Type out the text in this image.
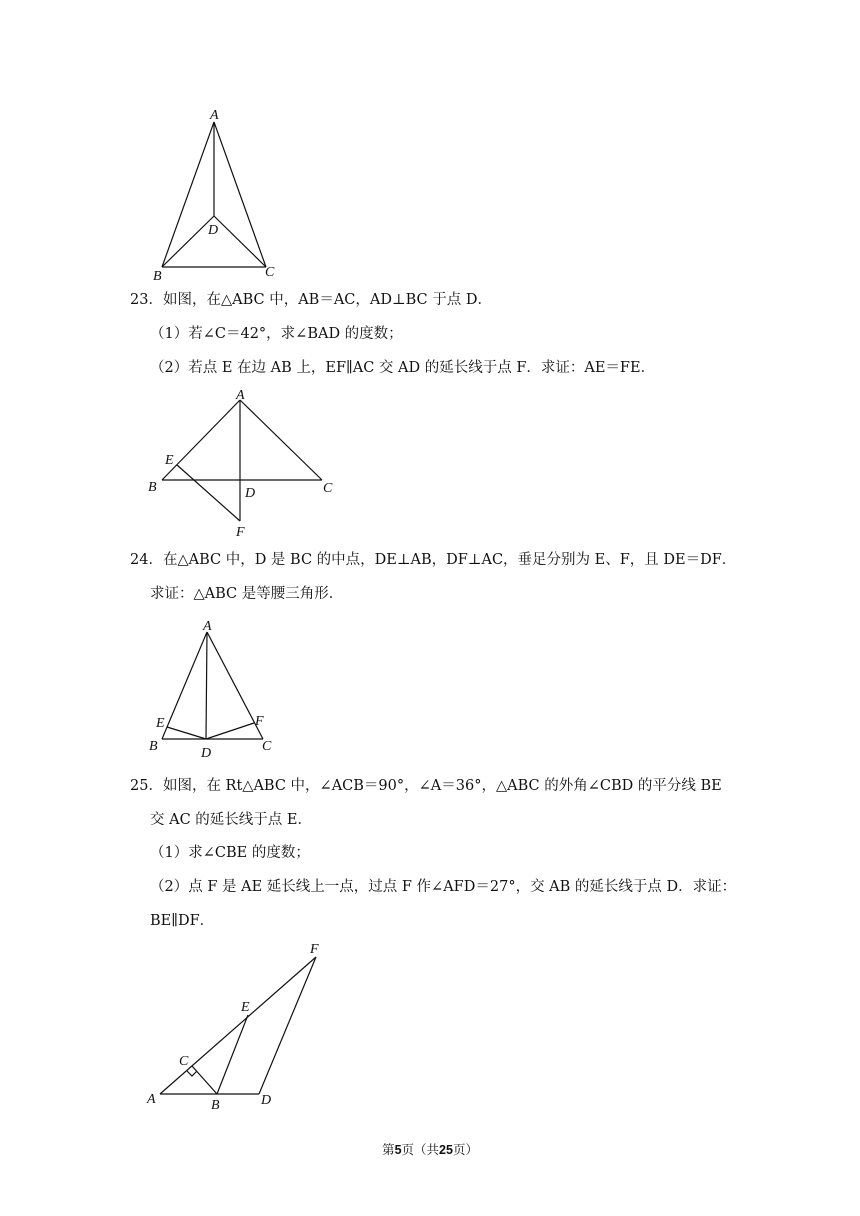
A
B	C
D
23．如图，在△ABC 中，AB＝AC，AD⊥BC 于点 D．
（1）若∠C＝42°，求∠BAD 的度数；
（2）若点 E 在边 AB 上，EF∥AC 交 AD 的延长线于点 F．求证：AE＝FE．
A
B	C
D
E
F
24．在△ABC 中，D 是 BC 的中点，DE⊥AB，DF⊥AC，垂足分别为 E、F，且 DE＝DF．
求证：△ABC 是等腰三角形．
A
B	C
D
E	F
25．如图，在 Rt△ABC 中，∠ACB＝90°，∠A＝36°，△ABC 的外角∠CBD 的平分线 BE
交 AC 的延长线于点 E．
（1）求∠CBE 的度数；
（2）点 F 是 AE 延长线上一点，过点 F 作∠AFD＝27°，交 AB 的延长线于点 D．求证：
BE∥DF．
A	B
C
D
E
F
第5页（共25页）
